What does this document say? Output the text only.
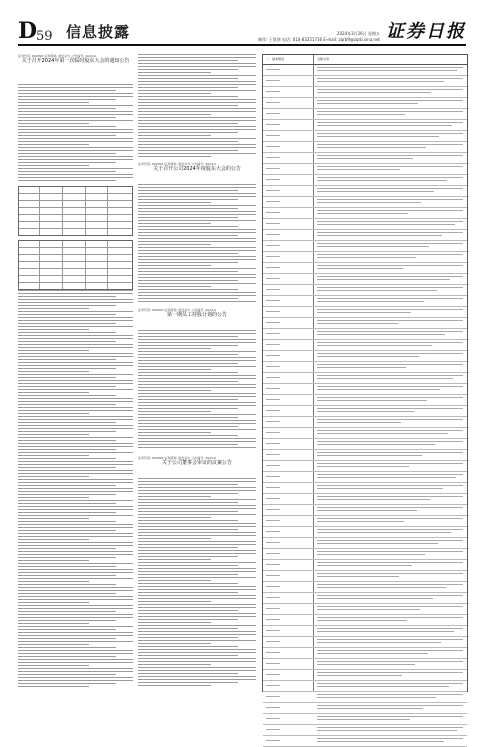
D
59 信息披露	2024年3月26日 星期五
制作: 王凯茜 电话: 010-83251716 E-mail: zqrb9@zqrb.sina.net 证券日报
证券代码: 600893 证券简称: 航发动力 公告编号: 2024-0
关于召开2024年第一次临时股东大会的通知公告
证券代码: 600893 证券简称: 航发动力 公告编号: 2024-0
关于召开公司2024年度股东大会的公告
证券代码: 600893 证券简称: 航发动力 公告编号: 2024-0
第一期员工持股计划的公告
证券代码: 600893 证券简称: 航发动力 公告编号: 2024-0
关于公司董事会审议的议案公告
一、基本情况	关联交易
